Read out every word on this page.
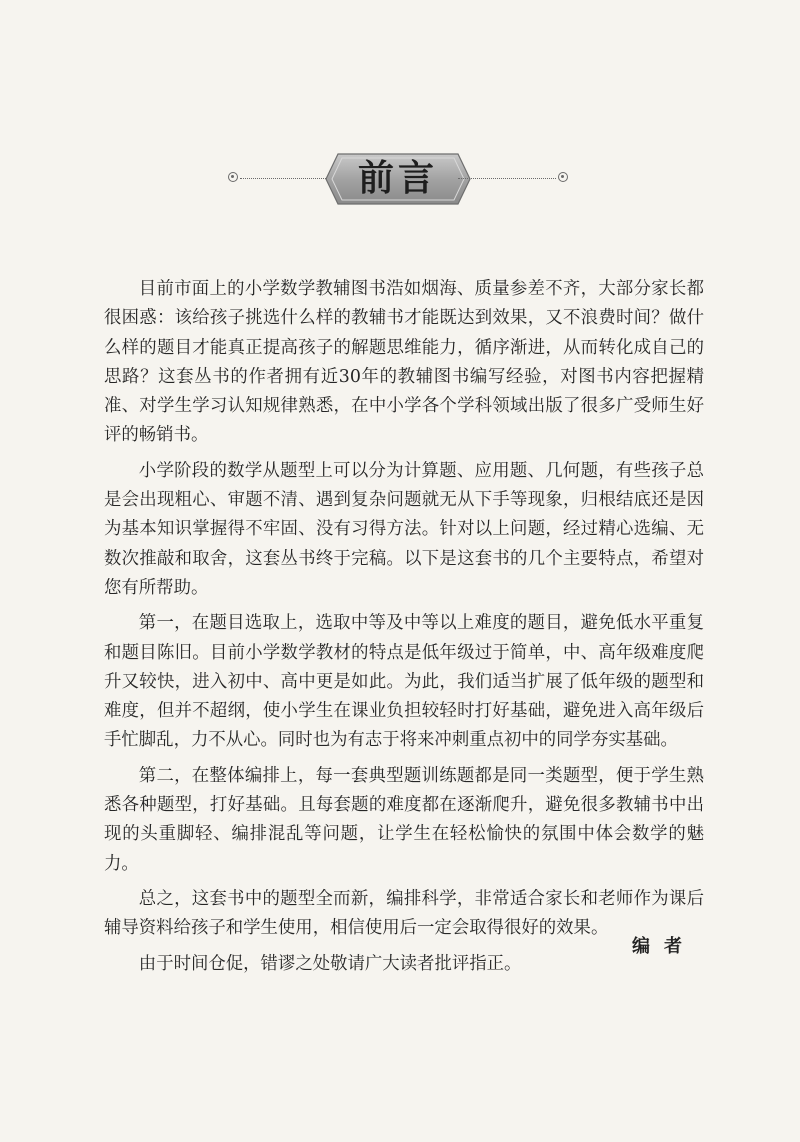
前言

目前市面上的小学数学教辅图书浩如烟海、质量参差不齐，大部分家长都很困惑：该给孩子挑选什么样的教辅书才能既达到效果，又不浪费时间？做什么样的题目才能真正提高孩子的解题思维能力，循序渐进，从而转化成自己的思路？这套丛书的作者拥有近30年的教辅图书编写经验，对图书内容把握精准、对学生学习认知规律熟悉，在中小学各个学科领域出版了很多广受师生好评的畅销书。

小学阶段的数学从题型上可以分为计算题、应用题、几何题，有些孩子总是会出现粗心、审题不清、遇到复杂问题就无从下手等现象，归根结底还是因为基本知识掌握得不牢固、没有习得方法。针对以上问题，经过精心选编、无数次推敲和取舍，这套丛书终于完稿。以下是这套书的几个主要特点，希望对您有所帮助。

第一，在题目选取上，选取中等及中等以上难度的题目，避免低水平重复和题目陈旧。目前小学数学教材的特点是低年级过于简单，中、高年级难度爬升又较快，进入初中、高中更是如此。为此，我们适当扩展了低年级的题型和难度，但并不超纲，使小学生在课业负担较轻时打好基础，避免进入高年级后手忙脚乱，力不从心。同时也为有志于将来冲刺重点初中的同学夯实基础。

第二，在整体编排上，每一套典型题训练题都是同一类题型，便于学生熟悉各种题型，打好基础。且每套题的难度都在逐渐爬升，避免很多教辅书中出现的头重脚轻、编排混乱等问题，让学生在轻松愉快的氛围中体会数学的魅力。

总之，这套书中的题型全而新，编排科学，非常适合家长和老师作为课后辅导资料给孩子和学生使用，相信使用后一定会取得很好的效果。

由于时间仓促，错谬之处敬请广大读者批评指正。

编者
